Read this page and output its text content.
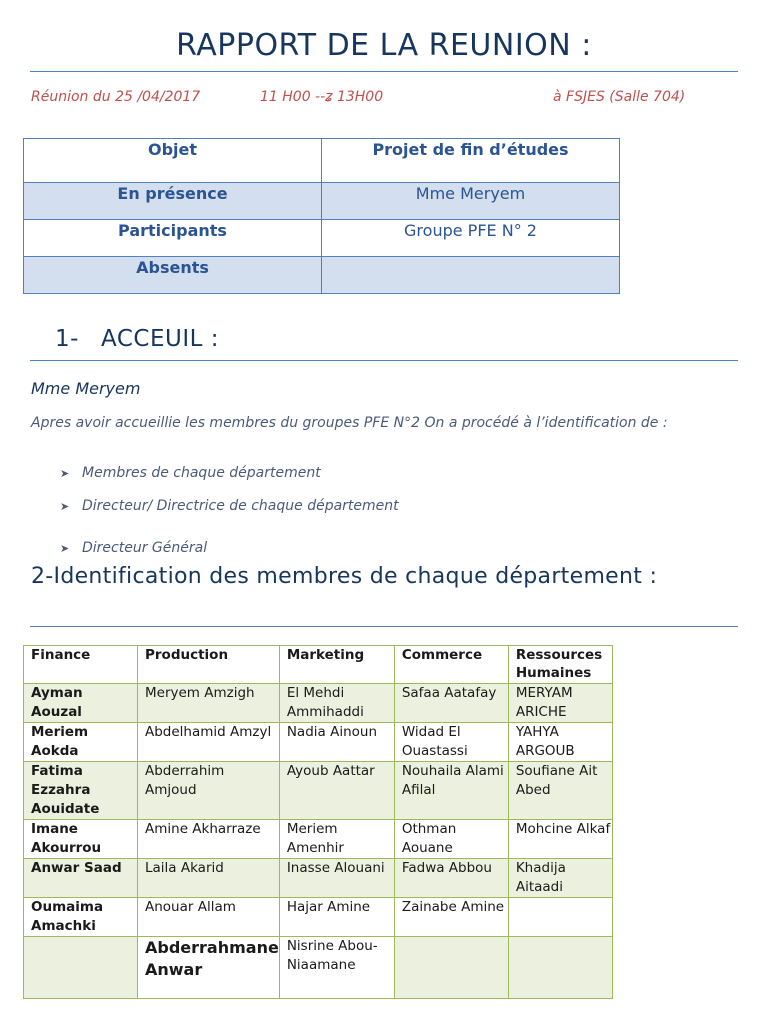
RAPPORT DE LA REUNION :
Réunion du 25 /04/2017	11 H00 --ʑ 13H00	à FSJES (Salle 704)
Objet	Projet de fin d’études
En présence	Mme Meryem
Participants	Groupe PFE N° 2
Absents	
1- ACCEUIL :
Mme Meryem
Apres avoir accueillie les membres du groupes PFE N°2 On a procédé à l’identification de :
➤ Membres de chaque département
➤ Directeur/ Directrice de chaque département
➤ Directeur Général
2-Identification des membres de chaque département :
Finance	Production	Marketing	Commerce	Ressources Humaines
Ayman Aouzal	Meryem Amzigh	El Mehdi Ammihaddi	Safaa Aatafay	MERYAM ARICHE
Meriem Aokda	Abdelhamid Amzyl	Nadia Ainoun	Widad El Ouastassi	YAHYA ARGOUB
Fatima Ezzahra Aouidate	Abderrahim Amjoud	Ayoub Aattar	Nouhaila Alami Afilal	Soufiane Ait Abed
Imane Akourrou	Amine Akharraze	Meriem Amenhir	Othman Aouane	Mohcine Alkaf
Anwar Saad	Laila Akarid	Inasse Alouani	Fadwa Abbou	Khadija Aitaadi
Oumaima Amachki	Anouar Allam	Hajar Amine	Zainabe Amine	
	Abderrahmane Anwar	Nisrine Abou-Niaamane		
